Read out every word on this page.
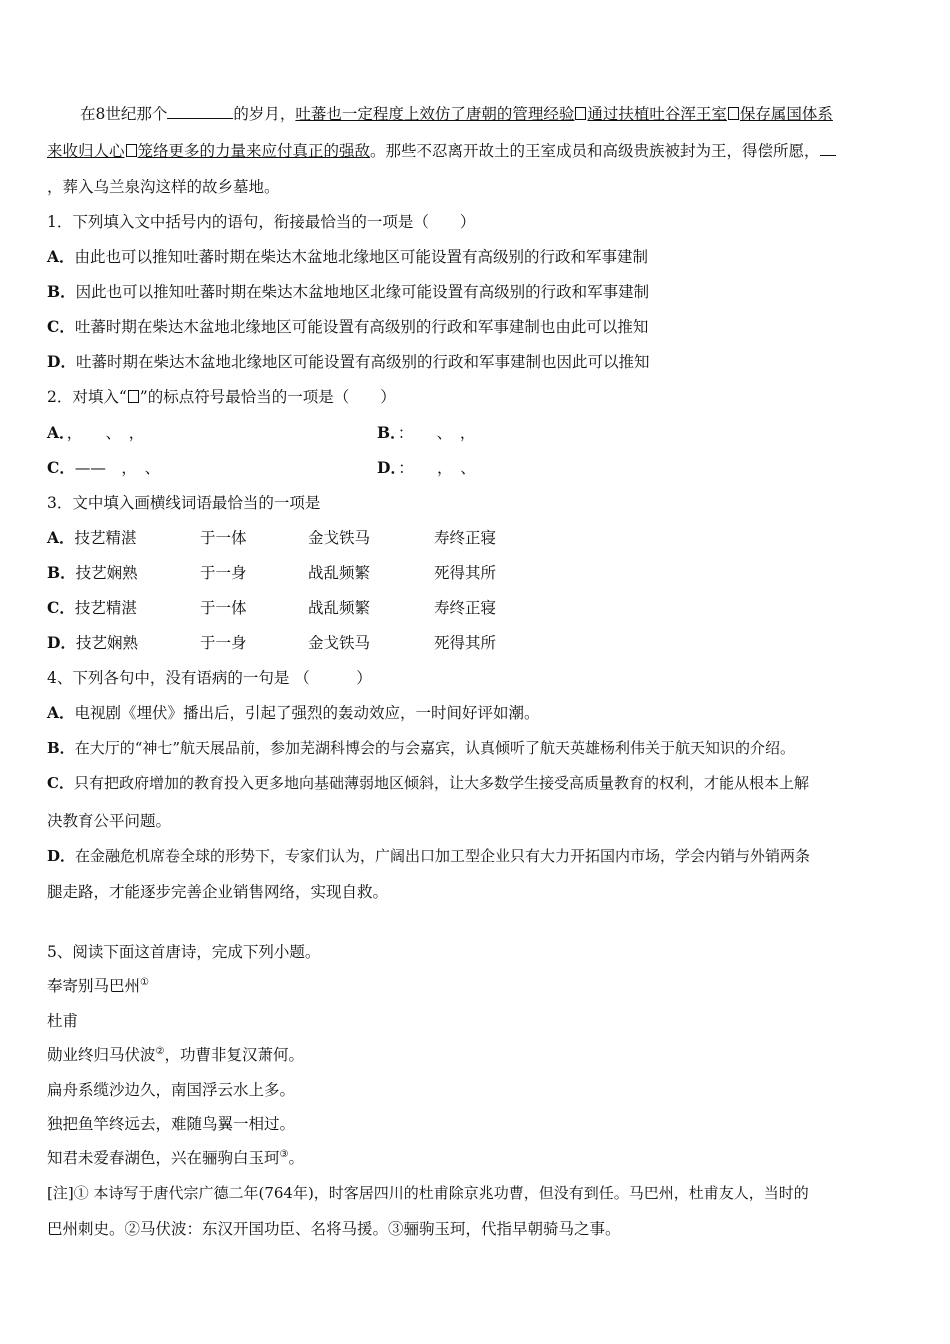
在8世纪那个	的岁月，吐蕃也一定程度上效仿了唐朝的管理经验 通过扶植吐谷浑王室 保存属国体系
来收归人心 笼络更多的力量来应付真正的强敌。那些不忍离开故土的王室成员和高级贵族被封为王，得偿所愿，
，葬入乌兰泉沟这样的故乡墓地。
1．下列填入文中括号内的语句，衔接最恰当的一项是（　　）
A．由此也可以推知吐蕃时期在柴达木盆地北缘地区可能设置有高级别的行政和军事建制
B．因此也可以推知吐蕃时期在柴达木盆地地区北缘可能设置有高级别的行政和军事建制
C．吐蕃时期在柴达木盆地北缘地区可能设置有高级别的行政和军事建制也由此可以推知
D．吐蕃时期在柴达木盆地北缘地区可能设置有高级别的行政和军事建制也因此可以推知
2．对填入“ ”的标点符号最恰当的一项是（　　）
A．，　　、　，	B．：　　、　，
C．——　，　、	D．：　　，　、
3．文中填入画横线词语最恰当的一项是
A．技艺精湛	于一体	金戈铁马	寿终正寝
B．技艺娴熟	于一身	战乱频繁	死得其所
C．技艺精湛	于一体	战乱频繁	寿终正寝
D．技艺娴熟	于一身	金戈铁马	死得其所
4、下列各句中，没有语病的一句是 （　　　）
A．电视剧《埋伏》播出后，引起了强烈的轰动效应，一时间好评如潮。
B．在大厅的“神七”航天展品前，参加芜湖科博会的与会嘉宾，认真倾听了航天英雄杨利伟关于航天知识的介绍。
C．只有把政府增加的教育投入更多地向基础薄弱地区倾斜，让大多数学生接受高质量教育的权利，才能从根本上解
决教育公平问题。
D．在金融危机席卷全球的形势下，专家们认为，广阔出口加工型企业只有大力开拓国内市场，学会内销与外销两条
腿走路，才能逐步完善企业销售网络，实现自救。
5、阅读下面这首唐诗，完成下列小题。
奉寄别马巴州①
杜甫
勋业终归马伏波②，功曹非复汉萧何。
扁舟系缆沙边久，南国浮云水上多。
独把鱼竿终远去，难随鸟翼一相过。
知君未爱春湖色，兴在骊驹白玉珂③。
[注]① 本诗写于唐代宗广德二年(764年)，时客居四川的杜甫除京兆功曹，但没有到任。马巴州，杜甫友人，当时的
巴州刺史。②马伏波：东汉开国功臣、名将马援。③骊驹玉珂，代指早朝骑马之事。
